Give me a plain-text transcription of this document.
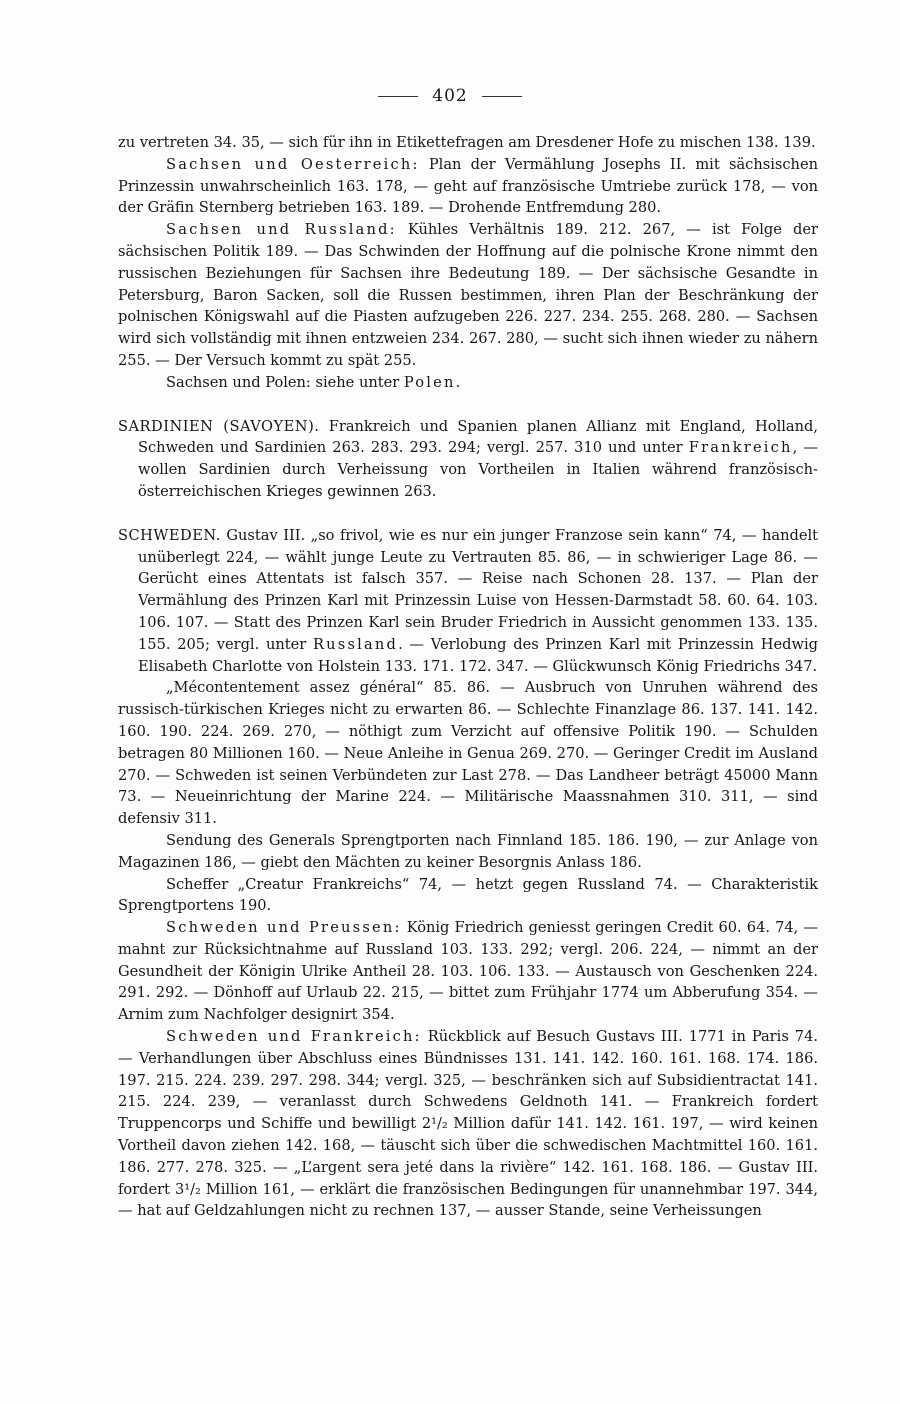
402

zu vertreten 34. 35, — sich für ihn in Etikettefragen am Dresdener Hofe zu mischen 138. 139.

Sachsen und Oesterreich: Plan der Vermählung Josephs II. mit sächsischen Prinzessin unwahrscheinlich 163. 178, — geht auf französische Umtriebe zurück 178, — von der Gräfin Sternberg betrieben 163. 189. — Drohende Entfremdung 280.

Sachsen und Russland: Kühles Verhältnis 189. 212. 267, — ist Folge der sächsischen Politik 189. — Das Schwinden der Hoffnung auf die polnische Krone nimmt den russischen Beziehungen für Sachsen ihre Bedeutung 189. — Der sächsische Gesandte in Petersburg, Baron Sacken, soll die Russen bestimmen, ihren Plan der Beschränkung der polnischen Königswahl auf die Piasten aufzugeben 226. 227. 234. 255. 268. 280. — Sachsen wird sich vollständig mit ihnen entzweien 234. 267. 280, — sucht sich ihnen wieder zu nähern 255. — Der Versuch kommt zu spät 255.

Sachsen und Polen: siehe unter Polen.

SARDINIEN (SAVOYEN). Frankreich und Spanien planen Allianz mit England, Holland, Schweden und Sardinien 263. 283. 293. 294; vergl. 257. 310 und unter Frankreich, — wollen Sardinien durch Verheissung von Vortheilen in Italien während französisch-österreichischen Krieges gewinnen 263.

SCHWEDEN. Gustav III. „so frivol, wie es nur ein junger Franzose sein kann“ 74, — handelt unüberlegt 224, — wählt junge Leute zu Vertrauten 85. 86, — in schwieriger Lage 86. — Gerücht eines Attentats ist falsch 357. — Reise nach Schonen 28. 137. — Plan der Vermählung des Prinzen Karl mit Prinzessin Luise von Hessen-Darmstadt 58. 60. 64. 103. 106. 107. — Statt des Prinzen Karl sein Bruder Friedrich in Aussicht genommen 133. 135. 155. 205; vergl. unter Russland. — Verlobung des Prinzen Karl mit Prinzessin Hedwig Elisabeth Charlotte von Holstein 133. 171. 172. 347. — Glückwunsch König Friedrichs 347.

„Mécontentement assez général“ 85. 86. — Ausbruch von Unruhen während des russisch-türkischen Krieges nicht zu erwarten 86. — Schlechte Finanzlage 86. 137. 141. 142. 160. 190. 224. 269. 270, — nöthigt zum Verzicht auf offensive Politik 190. — Schulden betragen 80 Millionen 160. — Neue Anleihe in Genua 269. 270. — Geringer Credit im Ausland 270. — Schweden ist seinen Verbündeten zur Last 278. — Das Landheer beträgt 45000 Mann 73. — Neueinrichtung der Marine 224. — Militärische Maassnahmen 310. 311, — sind defensiv 311.

Sendung des Generals Sprengtporten nach Finnland 185. 186. 190, — zur Anlage von Magazinen 186, — giebt den Mächten zu keiner Besorgnis Anlass 186.

Scheffer „Creatur Frankreichs“ 74, — hetzt gegen Russland 74. — Charakteristik Sprengtportens 190.

Schweden und Preussen: König Friedrich geniesst geringen Credit 60. 64. 74, — mahnt zur Rücksichtnahme auf Russland 103. 133. 292; vergl. 206. 224, — nimmt an der Gesundheit der Königin Ulrike Antheil 28. 103. 106. 133. — Austausch von Geschenken 224. 291. 292. — Dönhoff auf Urlaub 22. 215, — bittet zum Frühjahr 1774 um Abberufung 354. — Arnim zum Nachfolger designirt 354.

Schweden und Frankreich: Rückblick auf Besuch Gustavs III. 1771 in Paris 74. — Verhandlungen über Abschluss eines Bündnisses 131. 141. 142. 160. 161. 168. 174. 186. 197. 215. 224. 239. 297. 298. 344; vergl. 325, — beschränken sich auf Subsidientractat 141. 215. 224. 239, — veranlasst durch Schwedens Geldnoth 141. — Frankreich fordert Truppencorps und Schiffe und bewilligt 2¹/₂ Million dafür 141. 142. 161. 197, — wird keinen Vortheil davon ziehen 142. 168, — täuscht sich über die schwedischen Machtmittel 160. 161. 186. 277. 278. 325. — „L’argent sera jeté dans la rivière“ 142. 161. 168. 186. — Gustav III. fordert 3¹/₂ Million 161, — erklärt die französischen Bedingungen für unannehmbar 197. 344, — hat auf Geldzahlungen nicht zu rechnen 137, — ausser Stande, seine Verheissungen
